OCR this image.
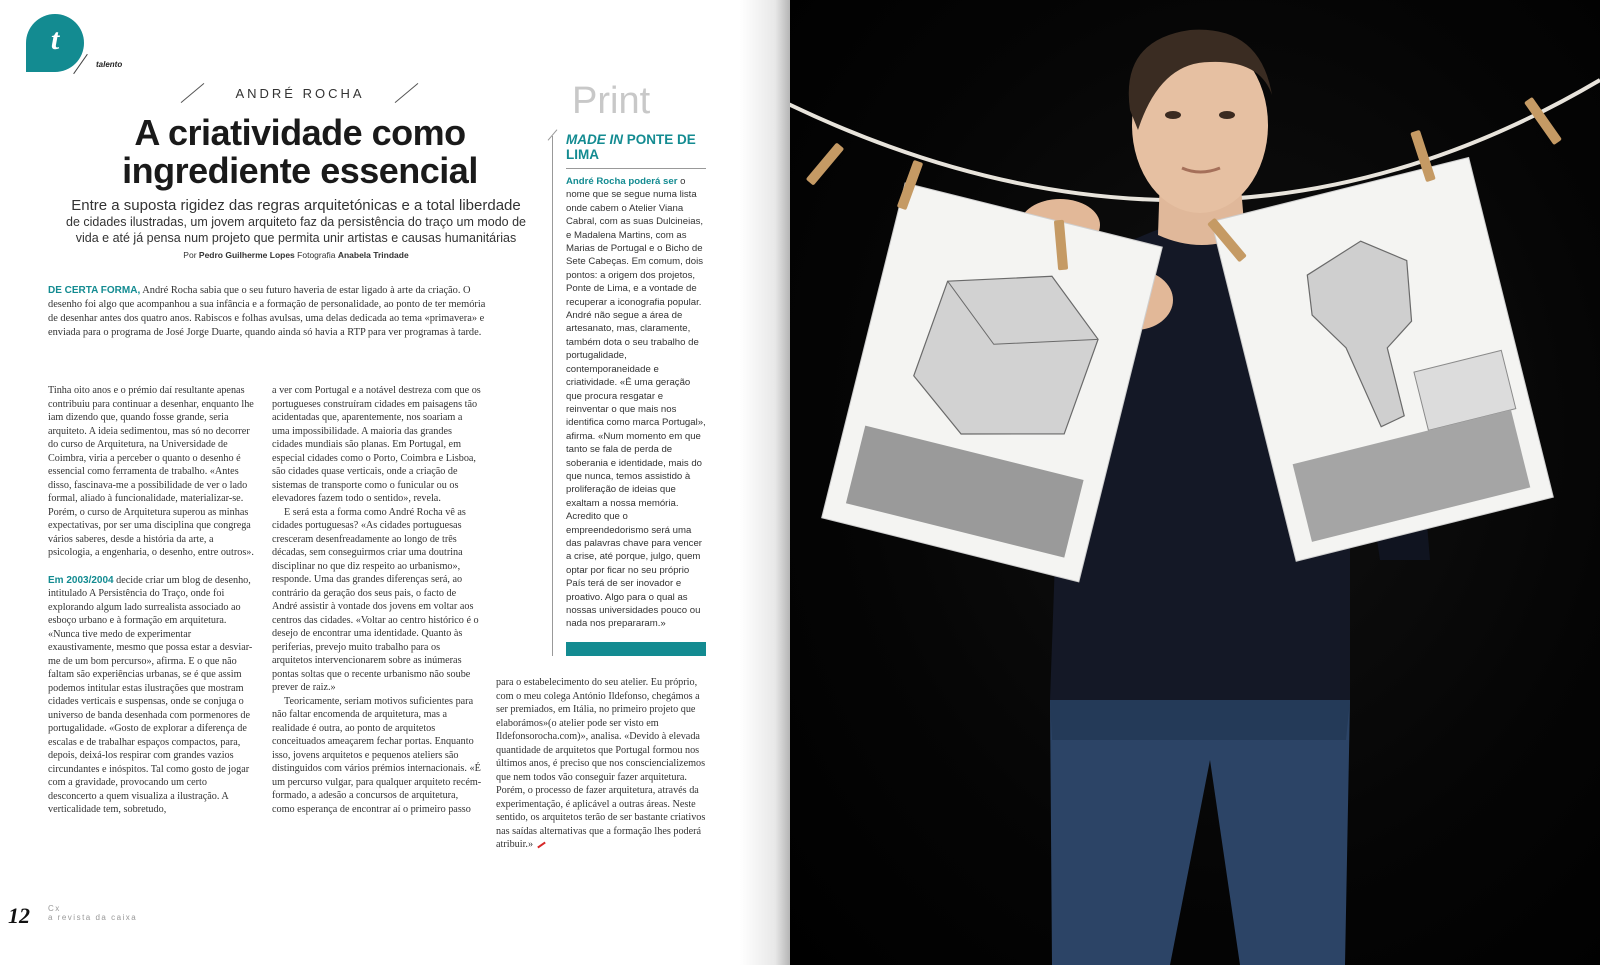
t
talento
ANDRÉ ROCHA
A criatividade como ingrediente essencial
Entre a suposta rigidez das regras arquitetónicas e a total liberdade
de cidades ilustradas, um jovem arquiteto faz da persistência do traço um modo de vida e até já pensa num projeto que permita unir artistas e causas humanitárias
Por Pedro Guilherme Lopes Fotografia Anabela Trindade

DE CERTA FORMA, André Rocha sabia que o seu futuro haveria de estar ligado à arte da criação. O desenho foi algo que acompanhou a sua infância e a formação de personalidade, ao ponto de ter memória de desenhar antes dos quatro anos. Rabiscos e folhas avulsas, uma delas dedicada ao tema «primavera» e enviada para o programa de José Jorge Duarte, quando ainda só havia a RTP para ver programas à tarde.

Tinha oito anos e o prémio daí resultante apenas contribuiu para continuar a desenhar, enquanto lhe iam dizendo que, quando fosse grande, seria arquiteto. A ideia sedimentou, mas só no decorrer do curso de Arquitetura, na Universidade de Coimbra, viria a perceber o quanto o desenho é essencial como ferramenta de trabalho. «Antes disso, fascinava-me a possibilidade de ver o lado formal, aliado à funcionalidade, materializar-se. Porém, o curso de Arquitetura superou as minhas expectativas, por ser uma disciplina que congrega vários saberes, desde a história da arte, a psicologia, a engenharia, o desenho, entre outros».

Em 2003/2004 decide criar um blog de desenho, intitulado A Persistência do Traço, onde foi explorando algum lado surrealista associado ao esboço urbano e à formação em arquitetura. «Nunca tive medo de experimentar exaustivamente, mesmo que possa estar a desviar-me de um bom percurso», afirma. E o que não faltam são experiências urbanas, se é que assim podemos intitular estas ilustrações que mostram cidades verticais e suspensas, onde se conjuga o universo de banda desenhada com pormenores de portugalidade. «Gosto de explorar a diferença de escalas e de trabalhar espaços compactos, para, depois, deixá-los respirar com grandes vazios circundantes e inóspitos. Tal como gosto de jogar com a gravidade, provocando um certo desconcerto a quem visualiza a ilustração. A verticalidade tem, sobretudo,

a ver com Portugal e a notável destreza com que os portugueses construíram cidades em paisagens tão acidentadas que, aparentemente, nos soariam a uma impossibilidade. A maioria das grandes cidades mundiais são planas. Em Portugal, em especial cidades como o Porto, Coimbra e Lisboa, são cidades quase verticais, onde a criação de sistemas de transporte como o funicular ou os elevadores fazem todo o sentido», revela.

E será esta a forma como André Rocha vê as cidades portuguesas? «As cidades portuguesas cresceram desenfreadamente ao longo de três décadas, sem conseguirmos criar uma doutrina disciplinar no que diz respeito ao urbanismo», responde. Uma das grandes diferenças será, ao contrário da geração dos seus pais, o facto de André assistir à vontade dos jovens em voltar aos centros das cidades. «Voltar ao centro histórico é o desejo de encontrar uma identidade. Quanto às periferias, prevejo muito trabalho para os arquitetos intervencionarem sobre as inúmeras pontas soltas que o recente urbanismo não soube prever de raiz.»

Teoricamente, seriam motivos suficientes para não faltar encomenda de arquitetura, mas a realidade é outra, ao ponto de arquitetos conceituados ameaçarem fechar portas. Enquanto isso, jovens arquitetos e pequenos ateliers são distinguidos com vários prémios internacionais. «É um percurso vulgar, para qualquer arquiteto recém-formado, a adesão a concursos de arquitetura, como esperança de encontrar aí o primeiro passo

para o estabelecimento do seu atelier. Eu próprio, com o meu colega António Ildefonso, chegámos a ser premiados, em Itália, no primeiro projeto que elaborámos»(o atelier pode ser visto em Ildefonsorocha.com)», analisa. «Devido à elevada quantidade de arquitetos que Portugal formou nos últimos anos, é preciso que nos consciencializemos que nem todos vão conseguir fazer arquitetura. Porém, o processo de fazer arquitetura, através da experimentação, é aplicável a outras áreas. Neste sentido, os arquitetos terão de ser bastante criativos nas saídas alternativas que a formação lhes poderá atribuir.»

Print
MADE IN PONTE DE LIMA

André Rocha poderá ser o nome que se segue numa lista onde cabem o Atelier Viana Cabral, com as suas Dulcineias, e Madalena Martins, com as Marias de Portugal e o Bicho de Sete Cabeças. Em comum, dois pontos: a origem dos projetos, Ponte de Lima, e a vontade de recuperar a iconografia popular. André não segue a área de artesanato, mas, claramente, também dota o seu trabalho de portugalidade, contemporaneidade e criatividade. «É uma geração que procura resgatar e reinventar o que mais nos identifica como marca Portugal», afirma. «Num momento em que tanto se fala de perda de soberania e identidade, mais do que nunca, temos assistido à proliferação de ideias que exaltam a nossa memória. Acredito que o empreendedorismo será uma das palavras chave para vencer a crise, até porque, julgo, quem optar por ficar no seu próprio País terá de ser inovador e proativo. Algo para o qual as nossas universidades pouco ou nada nos prepararam.»

12 Cx
a revista da caixa
